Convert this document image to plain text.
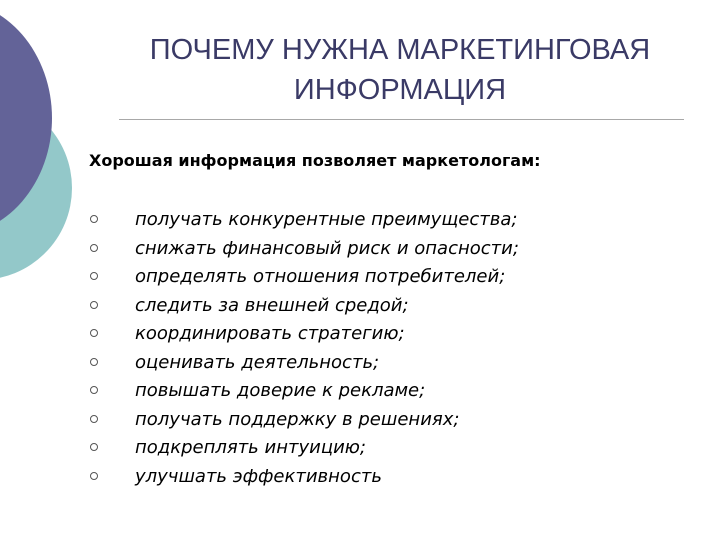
ПОЧЕМУ НУЖНА МАРКЕТИНГОВАЯ ИНФОРМАЦИЯ
Хорошая информация позволяет маркетологам:
получать конкурентные преимущества;
снижать финансовый риск и опасности;
определять отношения потребителей;
следить за внешней средой;
координировать стратегию;
оценивать деятельность;
повышать доверие к рекламе;
получать поддержку в решениях;
подкреплять интуицию;
улучшать эффективность
